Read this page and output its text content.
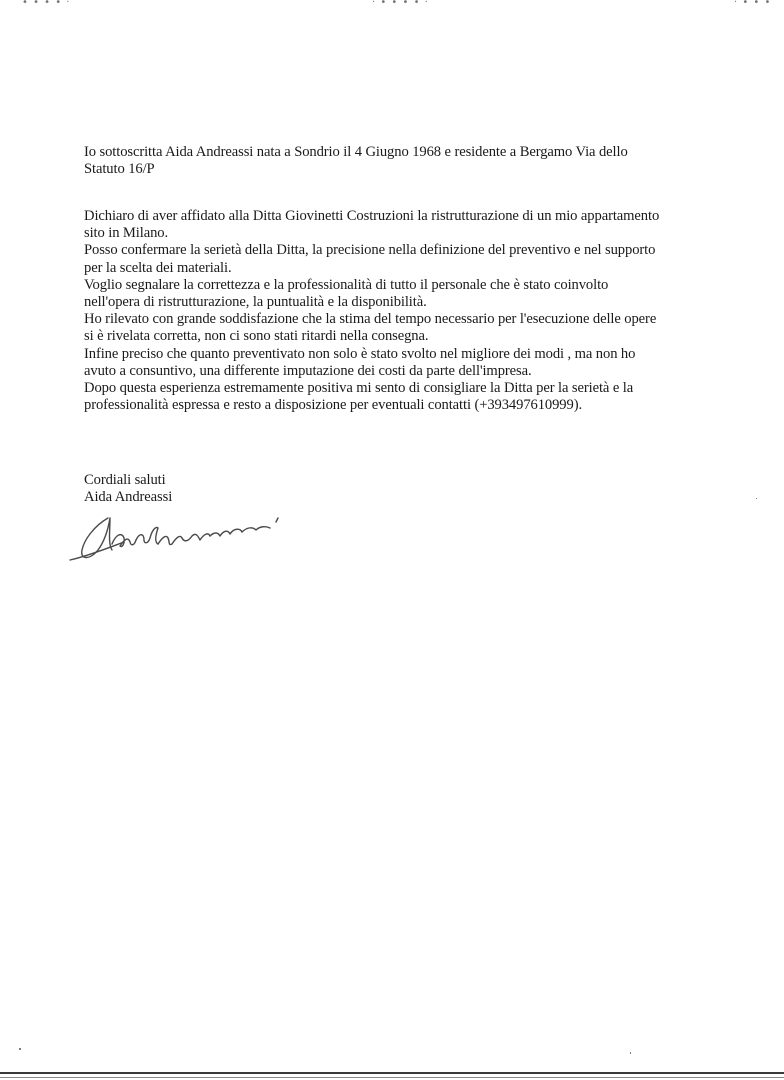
• • • • ·	· • • • • ·	· • • •

Io sottoscritta Aida Andreassi nata a Sondrio il 4 Giugno 1968 e residente a Bergamo Via dello

Statuto 16/P

Dichiaro di aver affidato alla Ditta Giovinetti Costruzioni la ristrutturazione di un mio appartamento

sito in Milano.

Posso confermare la serietà della Ditta, la precisione nella definizione del preventivo e nel supporto

per la scelta dei materiali.

Voglio segnalare la correttezza e la professionalità di tutto il personale che è stato coinvolto

nell'opera di ristrutturazione, la puntualità e la disponibilità.

Ho rilevato con grande soddisfazione che la stima del tempo necessario per l'esecuzione delle opere

si è rivelata corretta, non ci sono stati ritardi nella consegna.

Infine preciso che quanto preventivato non solo è stato svolto nel migliore dei modi , ma non ho

avuto a consuntivo, una differente imputazione dei costi da parte dell'impresa.

Dopo questa esperienza estremamente positiva mi sento di consigliare la Ditta per la serietà e la

professionalità espressa e resto a disposizione per eventuali contatti (+393497610999).

Cordiali saluti

Aida Andreassi
